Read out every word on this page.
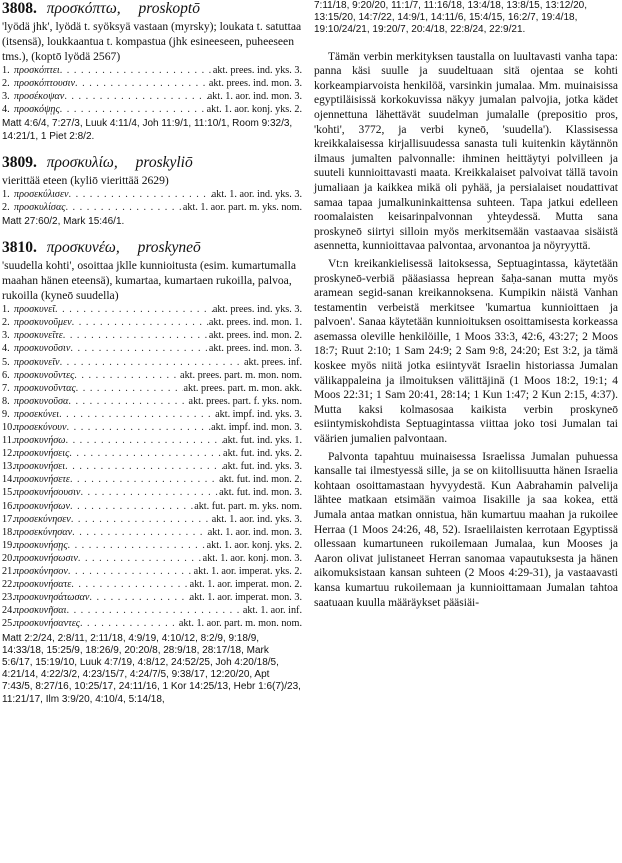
3808. προσκόπτω, proskoptō

'lyödä jhk', lyödä t. syöksyä vastaan (myrsky); loukata t. satuttaa (itsensä), loukkaantua t. kompastua (jhk esineeseen, puheeseen tms.), (koptō lyödä 2567)

1. προσκόπτει . . .	akt. prees. ind. yks. 3.
2. προσκόπτουσιν . . .	akt. prees. ind. mon. 3.
3. προσέκοψαν . . .	akt. 1. aor. ind. mon. 3.
4. προσκόψῃς . . .	akt. 1. aor. konj. yks. 2.

Matt 4:6/4, 7:27/3, Luuk 4:11/4, Joh 11:9/1, 11:10/1, Room 9:32/3, 14:21/1, 1 Piet 2:8/2.

3809. προσκυλίω, proskyliō

vierittää eteen (kyliō vierittää 2629)

1. προσεκύλισεν . . .	akt. 1. aor. ind. yks. 3.
2. προσκυλίσας . . .	akt. 1. aor. part. m. yks. nom.

Matt 27:60/2, Mark 15:46/1.

3810. προσκυνέω, proskyneō

'suudella kohti', osoittaa jklle kunnioitusta (esim. kumartumalla maahan hänen eteensä), kumartaa, kumartaen rukoilla, palvoa, rukoilla (kyneō suudella)

1. προσκυνεῖ . . .	akt. prees. ind. yks. 3.
2. προσκυνοῦμεν . . .	akt. prees. ind. mon. 1.
3. προσκυνεῖτε . . .	akt. prees. ind. mon. 2.
4. προσκυνοῦσιν . . .	akt. prees. ind. mon. 3.
5. προσκυνεῖν . . .	akt. prees. inf.
6. προσκυνοῦντες . . .	akt. prees. part. m. mon. nom.
7. προσκυνοῦντας . . .	akt. prees. part. m. mon. akk.
8. προσκυνοῦσα . . .	akt. prees. part. f. yks. nom.
9. προσεκύνει . . .	akt. impf. ind. yks. 3.
10. προσεκύνουν . . .	akt. impf. ind. mon. 3.
11. προσκυνήσω . . .	akt. fut. ind. yks. 1.
12. προσκυνήσεις . . .	akt. fut. ind. yks. 2.
13. προσκυνήσει . . .	akt. fut. ind. yks. 3.
14. προσκυνήσετε . . .	akt. fut. ind. mon. 2.
15. προσκυνήσουσιν . . .	akt. fut. ind. mon. 3.
16. προσκυνήσων . . .	akt. fut. part. m. yks. nom.
17. προσεκύνησεν . . .	akt. 1. aor. ind. yks. 3.
18. προσεκύνησαν . . .	akt. 1. aor. ind. mon. 3.
19. προσκυνήσῃς . . .	akt. 1. aor. konj. yks. 2.
20. προσκυνήσωσιν . . .	akt. 1. aor. konj. mon. 3.
21. προσκύνησον . . .	akt. 1. aor. imperat. yks. 2.
22. προσκυνήσατε . . .	akt. 1. aor. imperat. mon. 2.
23. προσκυνησάτωσαν . . .	akt. 1. aor. imperat. mon. 3.
24. προσκυνῆσαι . . .	akt. 1. aor. inf.
25. προσκυνήσαντες . . .	akt. 1. aor. part. m. mon. nom.

Matt 2:2/24, 2:8/11, 2:11/18, 4:9/19, 4:10/12, 8:2/9, 9:18/9, 14:33/18, 15:25/9, 18:26/9, 20:20/8, 28:9/18, 28:17/18, Mark 5:6/17, 15:19/10, Luuk 4:7/19, 4:8/12, 24:52/25, Joh 4:20/18/5, 4:21/14, 4:22/3/2, 4:23/15/7, 4:24/7/5, 9:38/17, 12:20/20, Apt 7:43/5, 8:27/16, 10:25/17, 24:11/16, 1 Kor 14:25/13, Hebr 1:6(7)/23, 11:21/17, Ilm 3:9/20, 4:10/4, 5:14/18,

7:11/18, 9:20/20, 11:1/7, 11:16/18, 13:4/18, 13:8/15, 13:12/20, 13:15/20, 14:7/22, 14:9/1, 14:11/6, 15:4/15, 16:2/7, 19:4/18, 19:10/24/21, 19:20/7, 20:4/18, 22:8/24, 22:9/21.

Tämän verbin merkityksen taustalla on luultavasti vanha tapa: panna käsi suulle ja suudeltuaan sitä ojentaa se kohti korkeampiarvoista henkilöä, varsinkin jumalaa. Mm. muinaisissa egyptiläisissä korkokuvissa näkyy jumalan palvojia, jotka kädet ojennettuna lähettävät suudelman jumalalle (prepositio pros, 'kohti', 3772, ja verbi kyneō, 'suudella'). Klassisessa kreikkalaisessa kirjallisuudessa sanasta tuli kuitenkin käytännön ilmaus jumalten palvonnalle: ihminen heittäytyi polvilleen ja suuteli kunnioittavasti maata. Kreikkalaiset palvoivat tällä tavoin jumaliaan ja kaikkea mikä oli pyhää, ja persialaiset noudattivat samaa tapaa jumalkuninkaittensa suhteen. Tapa jatkui edelleen roomalaisten keisarinpalvonnan yhteydessä. Mutta sana proskyneō siirtyi silloin myös merkitsemään vastaavaa sisäistä asennetta, kunnioittavaa palvontaa, arvonantoa ja nöyryyttä.

Vt:n kreikankielisessä laitoksessa, Septuagintassa, käytetään proskyneō-verbiä pääasiassa heprean šaḥa-sanan mutta myös aramean segid-sanan kreikannoksena. Kumpikin näistä Vanhan testamentin verbeistä merkitsee 'kumartua kunnioittaen ja palvoen'. Sanaa käytetään kunnioituksen osoittamisesta korkeassa asemassa oleville henkilöille, 1 Moos 33:3, 42:6, 43:27; 2 Moos 18:7; Ruut 2:10; 1 Sam 24:9; 2 Sam 9:8, 24:20; Est 3:2, ja tämä koskee myös niitä jotka esiintyvät Israelin historiassa Jumalan välikappaleina ja ilmoituksen välittäjinä (1 Moos 18:2, 19:1; 4 Moos 22:31; 1 Sam 20:41, 28:14; 1 Kun 1:47; 2 Kun 2:15, 4:37). Mutta kaksi kolmasosaa kaikista verbin proskyneō esiintymiskohdista Septuagintassa viittaa joko tosi Jumalan tai väärien jumalien palvontaan.

Palvonta tapahtuu muinaisessa Israelissa Jumalan puhuessa kansalle tai ilmestyessä sille, ja se on kiitollisuutta hänen Israelia kohtaan osoittamastaan hyvyydestä. Kun Aabrahamin palvelija lähtee matkaan etsimään vaimoa Iisakille ja saa kokea, että Jumala antaa matkan onnistua, hän kumartuu maahan ja rukoilee Herraa (1 Moos 24:26, 48, 52). Israelilaisten kerrotaan Egyptissä ollessaan kumartuneen rukoilemaan Jumalaa, kun Mooses ja Aaron olivat julistaneet Herran sanomaa vapautuksesta ja hänen aikomuksistaan kansan suhteen (2 Moos 4:29-31), ja vastaavasti kansa kumartuu rukoilemaan ja kunnioittamaan Jumalan tahtoa saatuaan kuulla määräykset pääsiäi-
